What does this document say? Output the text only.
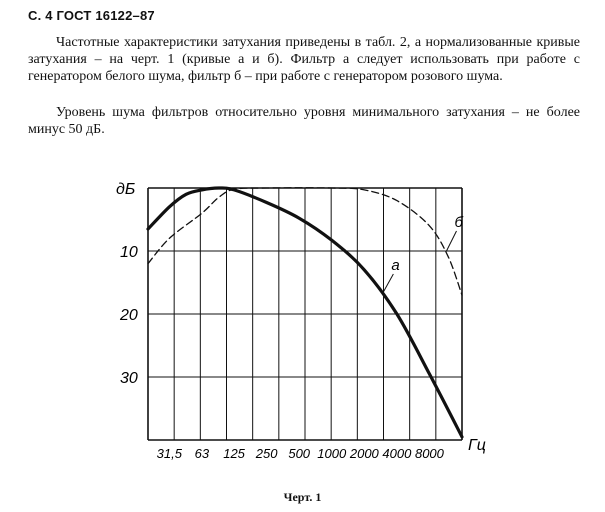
С. 4 ГОСТ 16122–87

Частотные характеристики затухания приведены в табл. 2, а нормализованные кривые затухания – на черт. 1 (кривые а и б). Фильтр а следует использовать при работе с генератором белого шума, фильтр б – при работе с генератором розового шума.

Уровень шума фильтров относительно уровня минимального затухания – не более минус 50 дБ.

дБ
10
20
30
31,5 63 125 250 500 1000 2000 4000 8000 Гц
а
б
Черт. 1
